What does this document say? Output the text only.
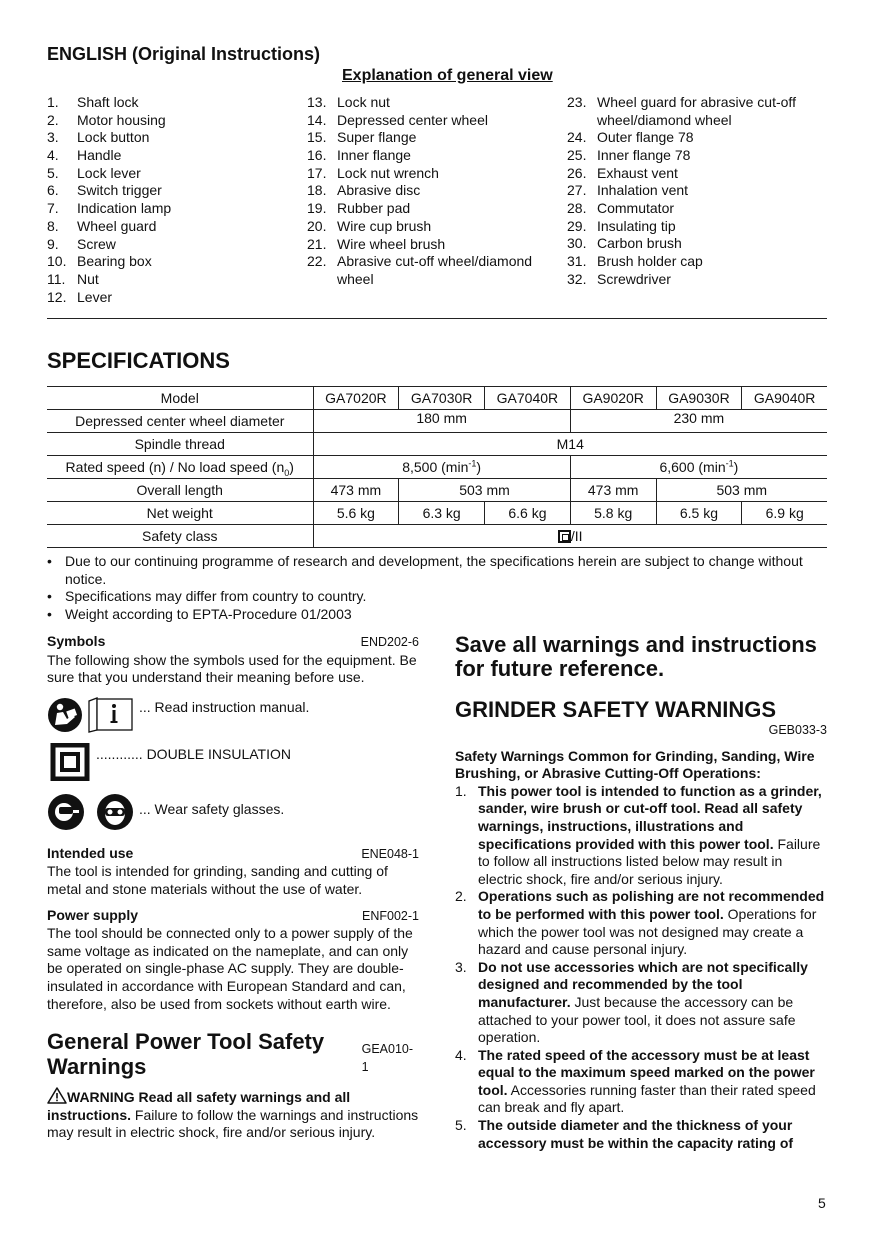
ENGLISH (Original Instructions)
Explanation of general view
1.	Shaft lock
2.	Motor housing
3.	Lock button
4.	Handle
5.	Lock lever
6.	Switch trigger
7.	Indication lamp
8.	Wheel guard
9.	Screw
10. Bearing box
11. Nut
12. Lever
13. Lock nut
14. Depressed center wheel
15. Super flange
16. Inner flange
17. Lock nut wrench
18. Abrasive disc
19. Rubber pad
20. Wire cup brush
21. Wire wheel brush
22. Abrasive cut-off wheel/diamond wheel
23. Wheel guard for abrasive cut-off wheel/diamond wheel
24. Outer flange 78
25. Inner flange 78
26. Exhaust vent
27. Inhalation vent
28. Commutator
29. Insulating tip
30. Carbon brush
31. Brush holder cap
32. Screwdriver
SPECIFICATIONS
Model	GA7020R	GA7030R	GA7040R	GA9020R	GA9030R	GA9040R
Depressed center wheel diameter	180 mm			230 mm		
Spindle thread	M14					
Rated speed (n) / No load speed $(n_0)$	8,500 $(\min^{-1})$			6,600 $(\min^{-1})$		
Overall length	473 mm	503 mm		473 mm	503 mm	
Net weight	5.6 kg	6.3 kg	6.6 kg	5.8 kg	6.5 kg	6.9 kg
Safety class	/II					
• Due to our continuing programme of research and development, the specifications herein are subject to change without notice.
• Specifications may differ from country to country.
• Weight according to EPTA-Procedure 01/2003
Symbols	END202-6
The following show the symbols used for the equipment. Be sure that you understand their meaning before use.
... Read instruction manual.
............ DOUBLE INSULATION
... Wear safety glasses.
Intended use	ENE048-1
The tool is intended for grinding, sanding and cutting of metal and stone materials without the use of water.
Power supply	ENF002-1
The tool should be connected only to a power supply of the same voltage as indicated on the nameplate, and can only be operated on single-phase AC supply. They are double-insulated in accordance with European Standard and can, therefore, also be used from sockets without earth wire.
General Power Tool Safety Warnings
GEA010-1
WARNING Read all safety warnings and all instructions. Failure to follow the warnings and instructions may result in electric shock, fire and/or serious injury.
Save all warnings and instructions for future reference.
GRINDER SAFETY WARNINGS
GEB033-3
Safety Warnings Common for Grinding, Sanding, Wire Brushing, or Abrasive Cutting-Off Operations:
1. This power tool is intended to function as a grinder, sander, wire brush or cut-off tool. Read all safety warnings, instructions, illustrations and specifications provided with this power tool. Failure to follow all instructions listed below may result in electric shock, fire and/or serious injury.
2. Operations such as polishing are not recommended to be performed with this power tool. Operations for which the power tool was not designed may create a hazard and cause personal injury.
3. Do not use accessories which are not specifically designed and recommended by the tool manufacturer. Just because the accessory can be attached to your power tool, it does not assure safe operation.
4. The rated speed of the accessory must be at least equal to the maximum speed marked on the power tool. Accessories running faster than their rated speed can break and fly apart.
5. The outside diameter and the thickness of your accessory must be within the capacity rating of
5
